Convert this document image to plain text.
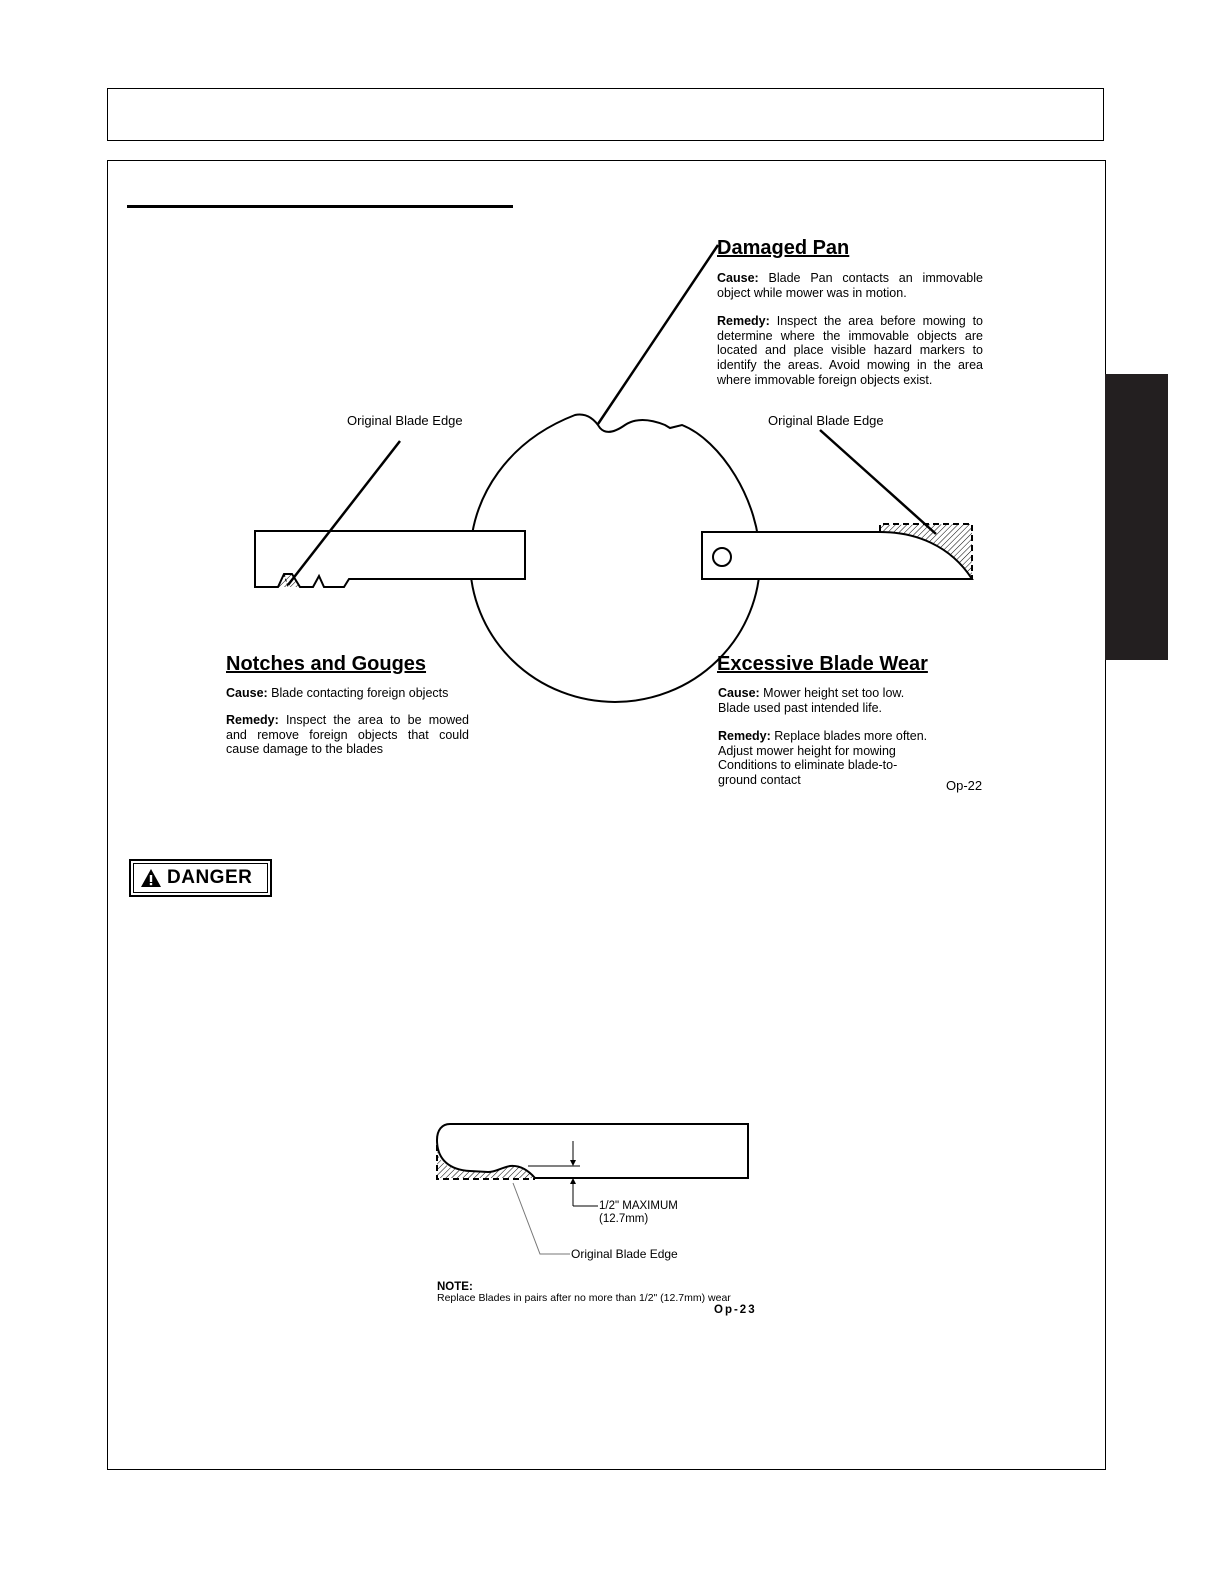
Damaged Pan
Cause: Blade Pan contacts an immovable object while mower was in motion.
Remedy: Inspect the area before mowing to determine where the immovable objects are located and place visible hazard markers to identify the areas. Avoid mowing in the area where immovable foreign objects exist.
Original Blade Edge	Original Blade Edge
Notches and Gouges
Cause: Blade contacting foreign objects
Remedy: Inspect the area to be mowed and remove foreign objects that could cause damage to the blades
Excessive Blade Wear
Cause: Mower height set too low.
Blade used past intended life.
Remedy: Replace blades more often.
Adjust mower height for mowing
Conditions to eliminate blade-to-
ground contact	Op-22
DANGER
1/2" MAXIMUM
(12.7mm)
Original Blade Edge
NOTE:
Replace Blades in pairs after no more than 1/2" (12.7mm) wear
Op-23
